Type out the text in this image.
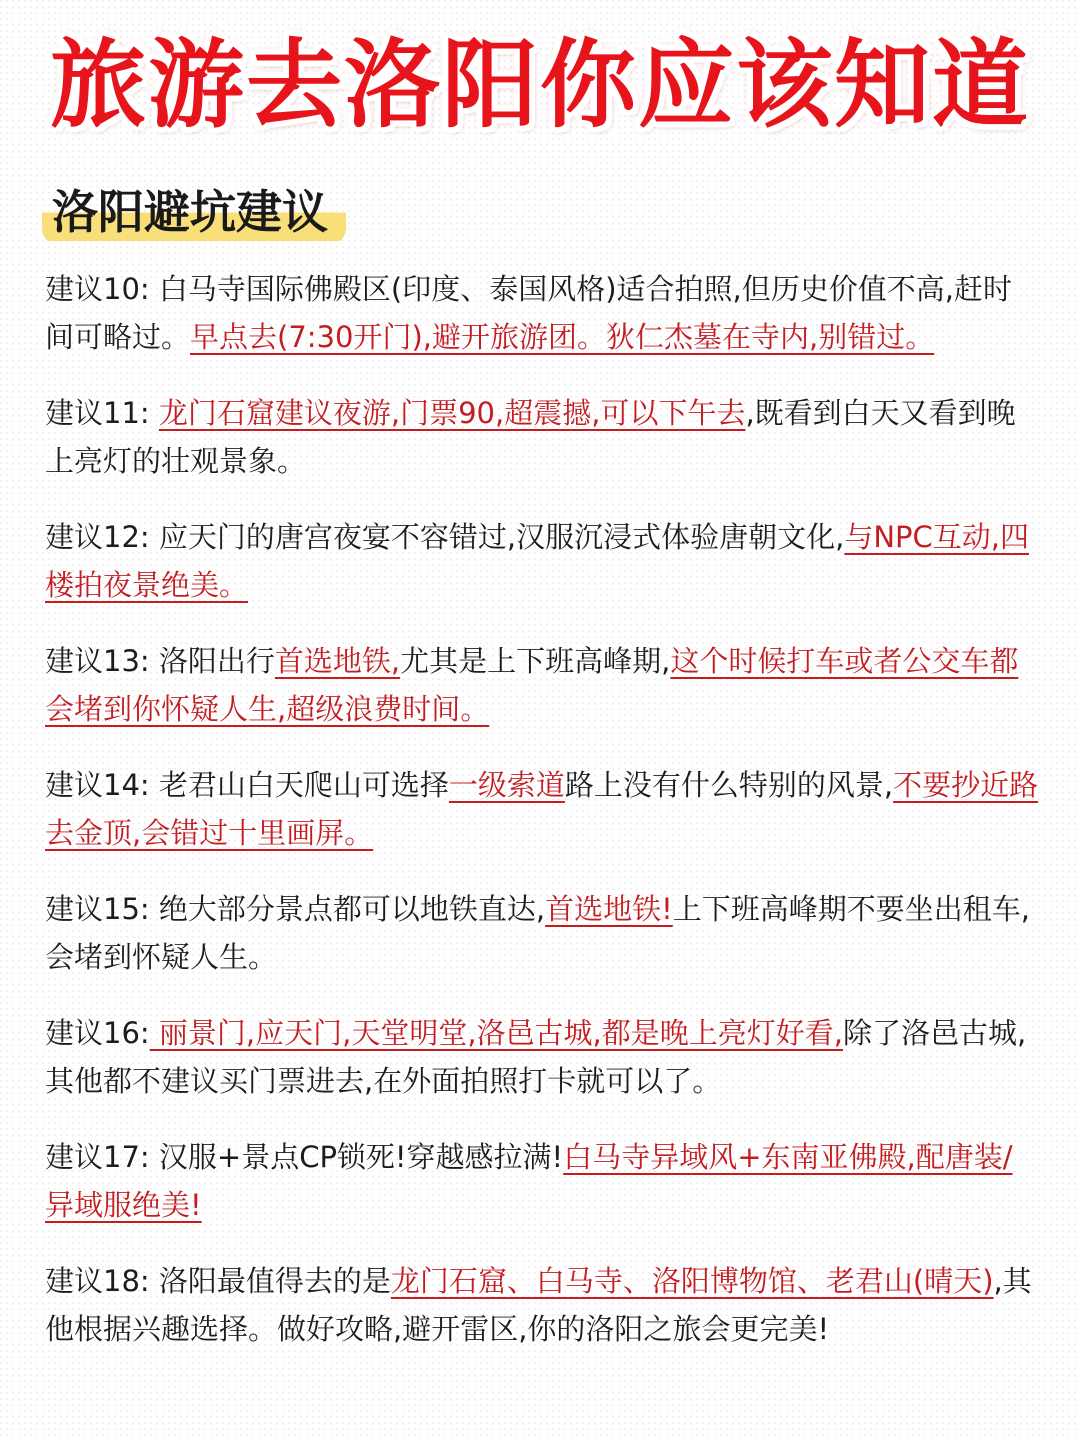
旅游去洛阳你应该知道
洛阳避坑建议

建议10: 白马寺国际佛殿区(印度、泰国风格)适合拍照,但历史价值不高,赶时间可略过。早点去(7:30开门),避开旅游团。狄仁杰墓在寺内,别错过。

建议11: 龙门石窟建议夜游,门票90,超震撼,可以下午去,既看到白天又看到晚上亮灯的壮观景象。

建议12: 应天门的唐宫夜宴不容错过,汉服沉浸式体验唐朝文化,与NPC互动,四楼拍夜景绝美。

建议13: 洛阳出行首选地铁,尤其是上下班高峰期,这个时候打车或者公交车都会堵到你怀疑人生,超级浪费时间。

建议14: 老君山白天爬山可选择一级索道路上没有什么特别的风景,不要抄近路去金顶,会错过十里画屏。

建议15: 绝大部分景点都可以地铁直达,首选地铁!上下班高峰期不要坐出租车,会堵到怀疑人生。

建议16: 丽景门,应天门,天堂明堂,洛邑古城,都是晚上亮灯好看,除了洛邑古城,其他都不建议买门票进去,在外面拍照打卡就可以了。

建议17: 汉服+景点CP锁死!穿越感拉满!白马寺异域风+东南亚佛殿,配唐装/异域服绝美!

建议18: 洛阳最值得去的是龙门石窟、白马寺、洛阳博物馆、老君山(晴天),其他根据兴趣选择。做好攻略,避开雷区,你的洛阳之旅会更完美!
